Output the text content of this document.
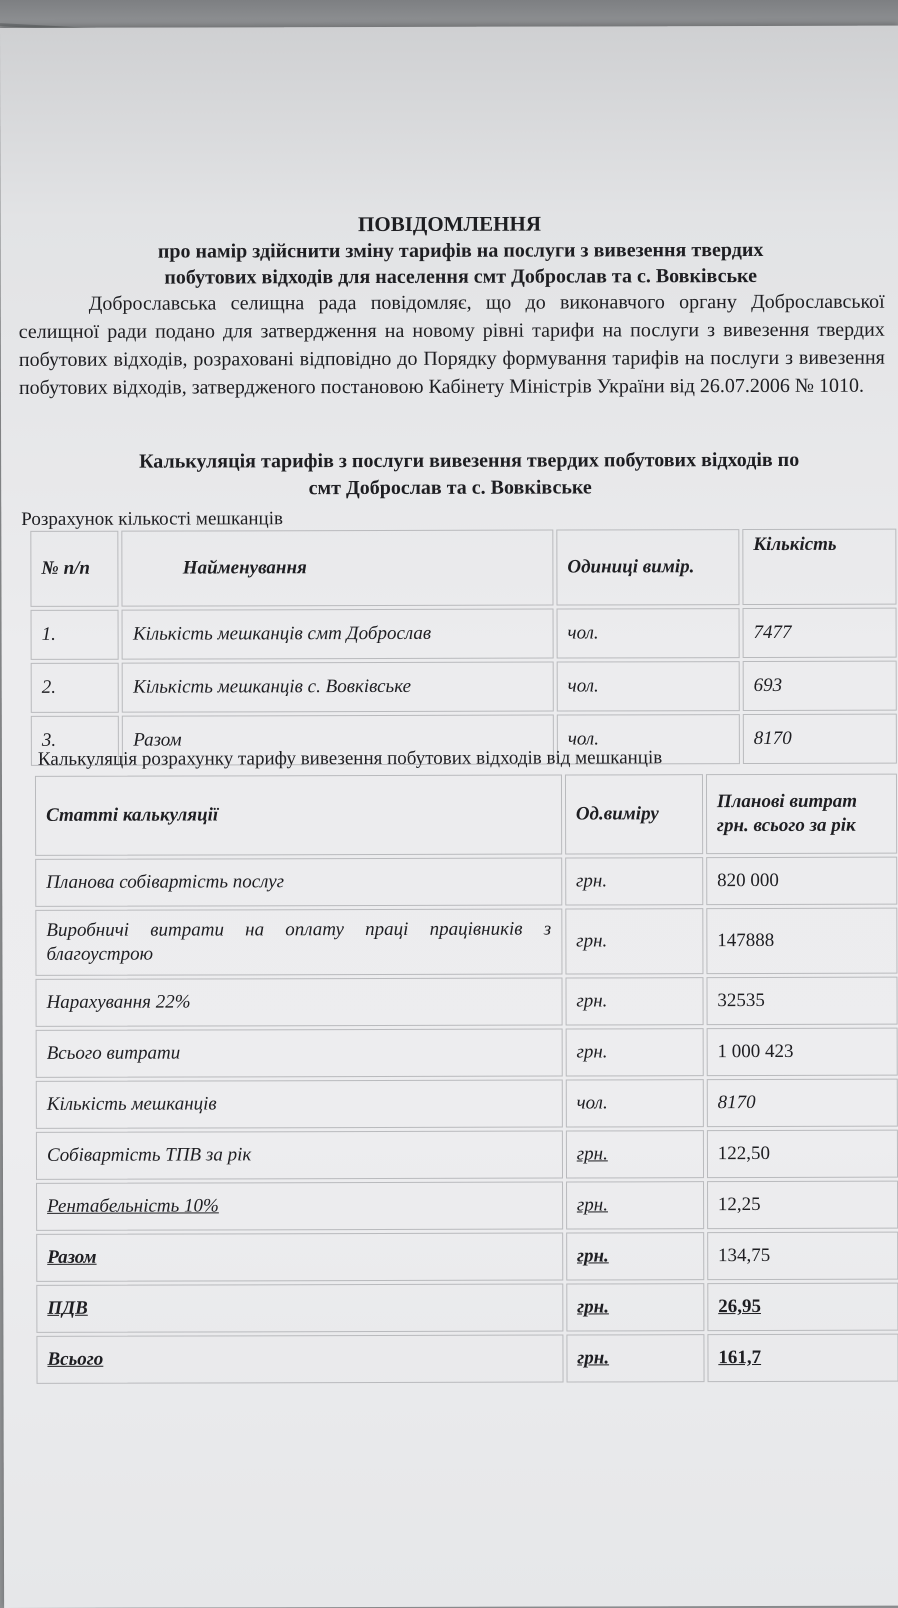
ПОВІДОМЛЕННЯ
про намір здійснити зміну тарифів на послуги з вивезення твердих
побутових відходів для населення смт Доброслав та с. Вовківське

Доброславська селищна рада повідомляє, що до виконавчого органу Доброславської селищної ради подано для затвердження на новому рівні тарифи на послуги з вивезення твердих побутових відходів, розраховані відповідно до Порядку формування тарифів на послуги з вивезення побутових відходів, затвердженого постановою Кабінету Міністрів України від 26.07.2006 № 1010.

Калькуляція тарифів з послуги вивезення твердих побутових відходів по
смт Доброслав та с. Вовківське
Розрахунок кількості мешканців
№ п/п	Найменування	Одиниці вимір.	Кількість
1.	Кількість мешканців смт Доброслав	чол.	7477
2.	Кількість мешканців с. Вовківське	чол.	693
3.	Разом	чол.	8170
Калькуляція розрахунку тарифу вивезення побутових відходів від мешканців
Статті калькуляції	Од.виміру	Планові витрат грн. всього за рік
Планова собівартість послуг	грн.	820 000
Виробничі витрати на оплату праці працівників з благоустрою	грн.	147888
Нарахування 22%	грн.	32535
Всього витрати	грн.	1 000 423
Кількість мешканців	чол.	8170
Собівартість ТПВ за рік	грн.	122,50
Рентабельність 10%	грн.	12,25
Разом	грн.	134,75
ПДВ	грн.	26,95
Всього	грн.	161,7
